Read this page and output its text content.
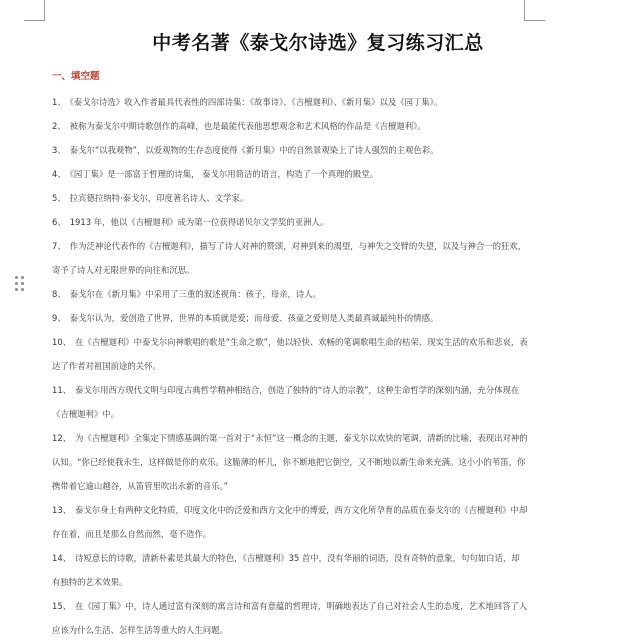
中考名著《泰戈尔诗选》复习练习汇总
一、填空题

1、 《泰戈尔诗选》收入作者最具代表性的四部诗集：《故事诗》、《吉檀迦利》、《新月集》以及《园丁集》。

2、 被称为泰戈尔中期诗歌创作的高峰，也是最能代表他思想观念和艺术风格的作品是《吉檀迦利》。

3、 泰戈尔“以我观物”，以爱观物的生存态度使得《新月集》中的自然景观染上了诗人强烈的主观色彩。

4、 《园丁集》是一部富于哲理的诗集， 泰戈尔用简洁的语言，构造了一个真理的殿堂。

5、 拉宾德拉纳特·泰戈尔，印度著名诗人、文学家。

6、 1913 年，他以《吉檀迦利》成为第一位获得诺贝尔文学奖的亚洲人。

7、 作为泛神论代表作的《吉檀迦利》，描写了诗人对神的赞颂，对神到来的渴望，与神失之交臂的失望，以及与神合一的狂欢，寄予了诗人对无限世界的向往和沉思。

8、 泰戈尔在《新月集》中采用了三重的叙述视角：孩子，母亲，诗人。

9、 泰戈尔认为，爱创造了世界，世界的本质就是爱；而母爱、孩童之爱则是人类最真诚最纯朴的情感。

10、 在《吉檀迦利》中泰戈尔向神歌唱的歌是“生命之歌”，他以轻快、欢畅的笔调歌唱生命的枯荣、现实生活的欢乐和悲哀，表达了作者对祖国前途的关怀。

11、 泰戈尔用西方现代文明与印度古典哲学精神相结合，创造了独特的“诗人的宗教”，这种生命哲学的深刻内涵，充分体现在《吉檀迦利》中。

12、 为《吉檀迦利》全集定下情感基调的第一首对于“永恒”这一概念的主题，泰戈尔以欢快的笔调，清新的比喻，表现出对神的认知。“你已经使我永生，这样做是你的欢乐。这脆薄的杯儿，你不断地把它倒空，又不断地以新生命来充满。这小小的苇笛，你携带着它逾山越谷，从笛管里吹出永新的音乐。”

13、 泰戈尔身上有两种文化特质，印度文化中的泛爱和西方文化中的博爱，西方文化所孕育的品质在泰戈尔的《吉檀迦利》中却存在着，而且是那么自然而然，毫不造作。

14、 诗短意长的诗歌，清新朴素是其最大的特色，《吉檀迦利》35 首中，没有华丽的词语，没有奇特的意象，句句如白话，却有独特的艺术效果。

15、 在《园丁集》中，诗人通过富有深刻的寓言诗和富有意蕴的哲理诗，明确地表达了自己对社会人生的态度，艺术地回答了人应该为什么生活、怎样生活等重大的人生问题。
